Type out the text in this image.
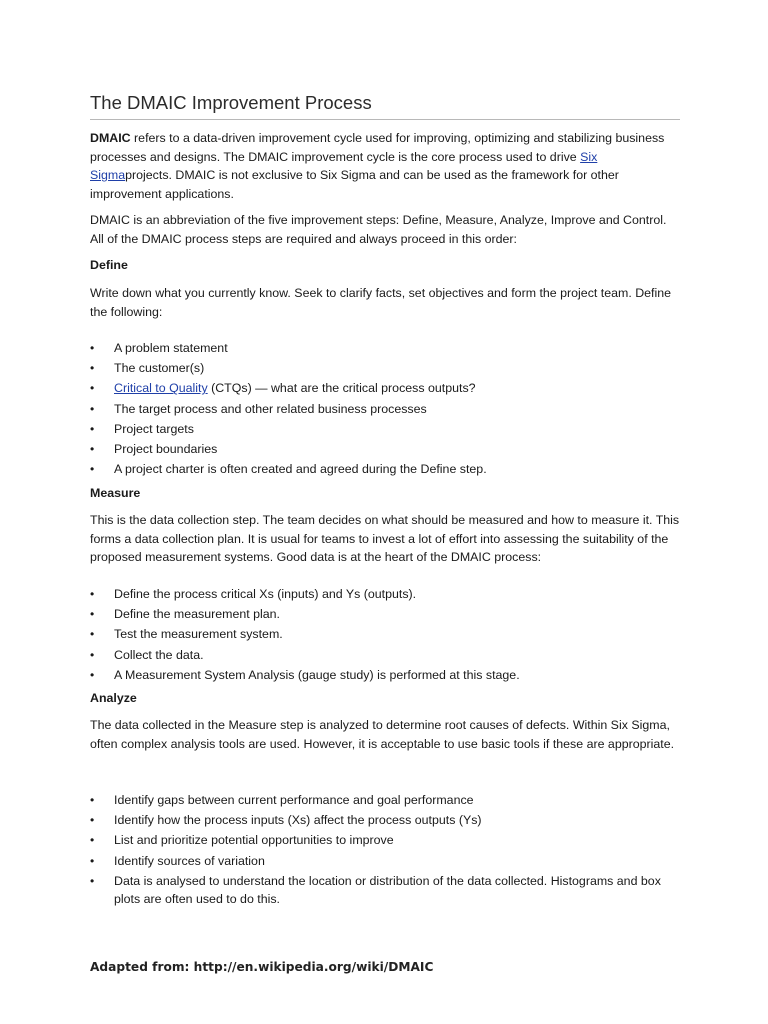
The DMAIC Improvement Process

DMAIC refers to a data-driven improvement cycle used for improving, optimizing and stabilizing business processes and designs. The DMAIC improvement cycle is the core process used to drive Six Sigmaprojects. DMAIC is not exclusive to Six Sigma and can be used as the framework for other improvement applications.

DMAIC is an abbreviation of the five improvement steps: Define, Measure, Analyze, Improve and Control. All of the DMAIC process steps are required and always proceed in this order:

Define

Write down what you currently know. Seek to clarify facts, set objectives and form the project team. Define the following:

• A problem statement
• The customer(s)
• Critical to Quality (CTQs) — what are the critical process outputs?
• The target process and other related business processes
• Project targets
• Project boundaries
• A project charter is often created and agreed during the Define step.

Measure

This is the data collection step. The team decides on what should be measured and how to measure it. This forms a data collection plan. It is usual for teams to invest a lot of effort into assessing the suitability of the proposed measurement systems. Good data is at the heart of the DMAIC process:

• Define the process critical Xs (inputs) and Ys (outputs).
• Define the measurement plan.
• Test the measurement system.
• Collect the data.
• A Measurement System Analysis (gauge study) is performed at this stage.

Analyze

The data collected in the Measure step is analyzed to determine root causes of defects. Within Six Sigma, often complex analysis tools are used. However, it is acceptable to use basic tools if these are appropriate.

• Identify gaps between current performance and goal performance
• Identify how the process inputs (Xs) affect the process outputs (Ys)
• List and prioritize potential opportunities to improve
• Identify sources of variation
• Data is analysed to understand the location or distribution of the data collected. Histograms and box plots are often used to do this.
Adapted from: http://en.wikipedia.org/wiki/DMAIC
